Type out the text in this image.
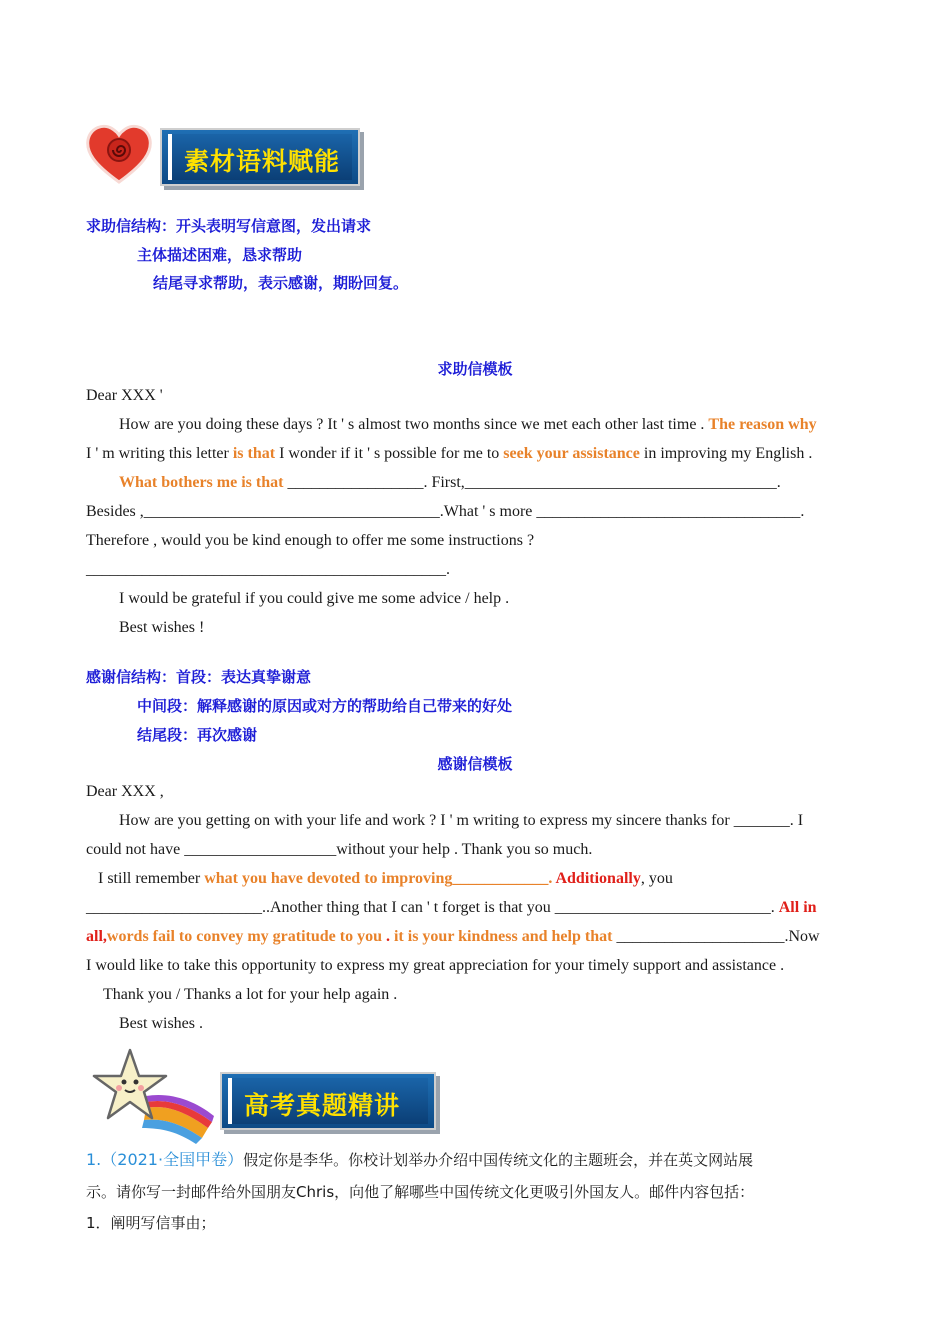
素材语料赋能
求助信结构：开头表明写信意图，发出请求
主体描述困难，恳求帮助
结尾寻求帮助，表示感谢，期盼回复。
求助信模板
Dear XXX '
How are you doing these days ? It ' s almost two months since we met each other last time . The reason why
I ' m writing this letter is that I wonder if it ' s possible for me to seek your assistance in improving my English .
What bothers me is that _________________. First,_______________________________________.
Besides ,_____________________________________.What ' s more _________________________________.
Therefore , would you be kind enough to offer me some instructions ?
_____________________________________________.
I would be grateful if you could give me some advice / help .
Best wishes !
感谢信结构：首段：表达真挚谢意
中间段：解释感谢的原因或对方的帮助给自己带来的好处
结尾段：再次感谢
感谢信模板
Dear XXX ,
How are you getting on with your life and work ? I ' m writing to express my sincere thanks for _______. I
could not have ___________________without your help . Thank you so much.
I still remember what you have devoted to improving____________. Additionally, you
______________________..Another thing that I can ' t forget is that you ___________________________. All in
all,words fail to convey my gratitude to you . it is your kindness and help that _____________________.Now
I would like to take this opportunity to express my great appreciation for your timely support and assistance .
Thank you / Thanks a lot for your help again .
Best wishes .
高考真题精讲
1.（2021·全国甲卷）假定你是李华。你校计划举办介绍中国传统文化的主题班会，并在英文网站展
示。请你写一封邮件给外国朋友Chris，向他了解哪些中国传统文化更吸引外国友人。邮件内容包括：
1．阐明写信事由；
